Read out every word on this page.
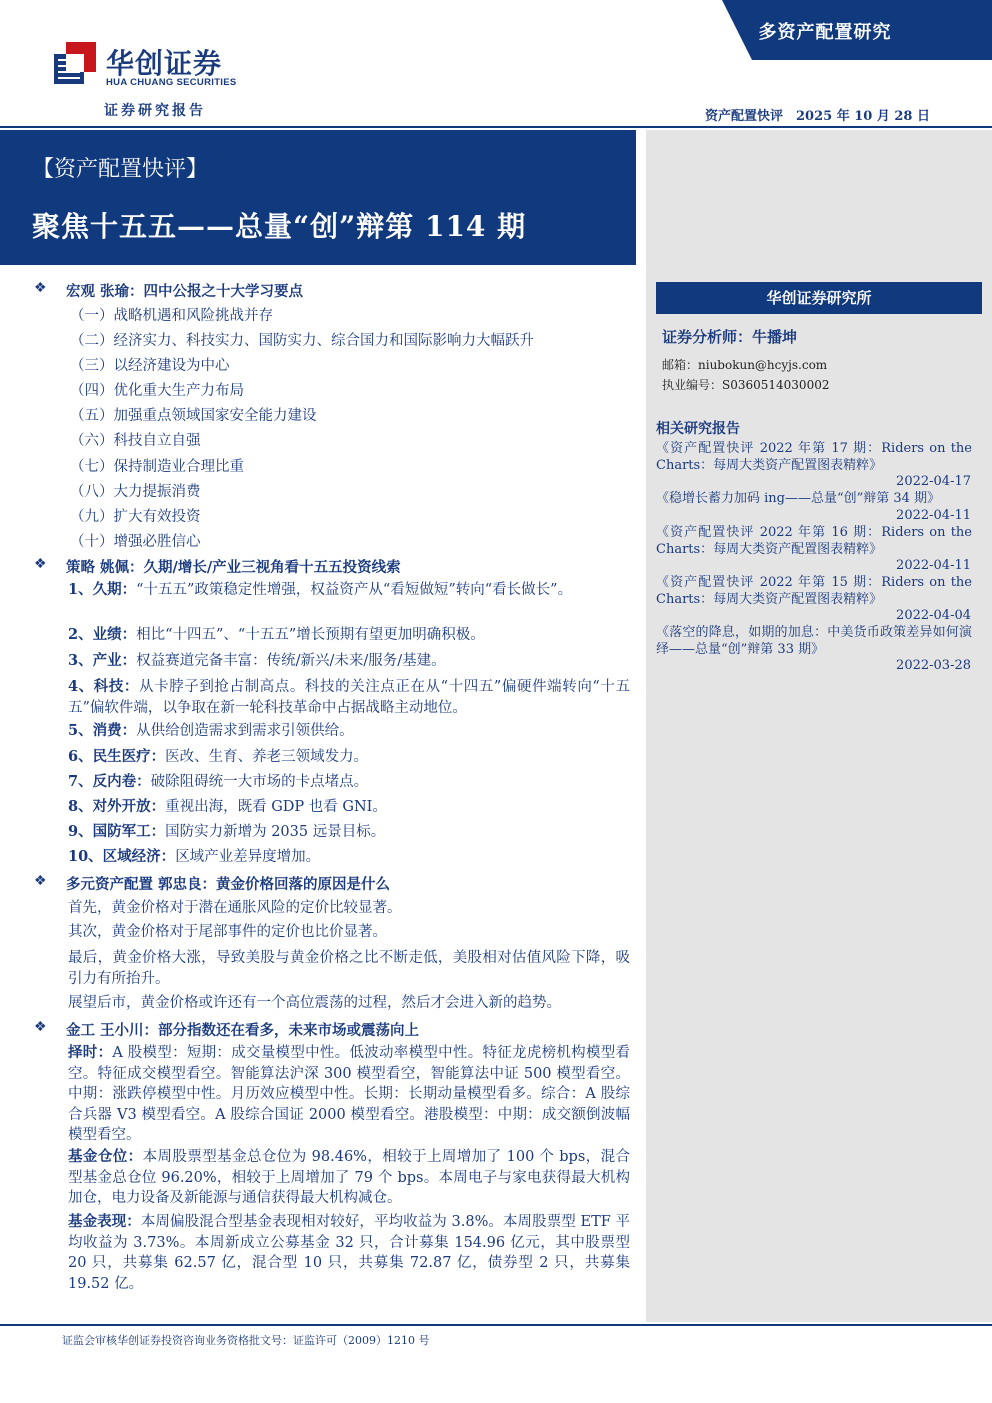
华创证券
HUA CHUANG SECURITIES
证券研究报告
多资产配置研究
资产配置快评　2025 年 10 月 28 日
【资产配置快评】
聚焦十五五——总量“创”辩第 114 期
华创证券研究所
证券分析师：牛播坤
邮箱：niubokun@hcyjs.com
执业编号：S0360514030002
相关研究报告
《资产配置快评 2022 年第 17 期：Riders on the Charts：每周大类资产配置图表精粹》
2022-04-17
《稳增长蓄力加码 ing——总量“创”辩第 34 期》
2022-04-11
《资产配置快评 2022 年第 16 期：Riders on the Charts：每周大类资产配置图表精粹》
2022-04-11
《资产配置快评 2022 年第 15 期：Riders on the Charts：每周大类资产配置图表精粹》
2022-04-04
《落空的降息，如期的加息：中美货币政策差异如何演绎——总量“创”辩第 33 期》
2022-03-28
❖ 宏观 张瑜：四中公报之十大学习要点
（一）战略机遇和风险挑战并存
（二）经济实力、科技实力、国防实力、综合国力和国际影响力大幅跃升
（三）以经济建设为中心
（四）优化重大生产力布局
（五）加强重点领域国家安全能力建设
（六）科技自立自强
（七）保持制造业合理比重
（八）大力提振消费
（九）扩大有效投资
（十）增强必胜信心
❖ 策略 姚佩：久期/增长/产业三视角看十五五投资线索
1、久期：“十五五”政策稳定性增强，权益资产从“看短做短”转向“看长做长”。
2、业绩：相比“十四五”、“十五五”增长预期有望更加明确积极。
3、产业：权益赛道完备丰富：传统/新兴/未来/服务/基建。
4、科技：从卡脖子到抢占制高点。科技的关注点正在从“十四五”偏硬件端转向“十五五”偏软件端，以争取在新一轮科技革命中占据战略主动地位。
5、消费：从供给创造需求到需求引领供给。
6、民生医疗：医改、生育、养老三领域发力。
7、反内卷：破除阻碍统一大市场的卡点堵点。
8、对外开放：重视出海，既看 GDP 也看 GNI。
9、国防军工：国防实力新增为 2035 远景目标。
10、区域经济：区域产业差异度增加。
❖ 多元资产配置 郭忠良：黄金价格回落的原因是什么
首先，黄金价格对于潜在通胀风险的定价比较显著。
其次，黄金价格对于尾部事件的定价也比价显著。
最后，黄金价格大涨，导致美股与黄金价格之比不断走低，美股相对估值风险下降，吸引力有所抬升。
展望后市，黄金价格或许还有一个高位震荡的过程，然后才会进入新的趋势。
❖ 金工 王小川：部分指数还在看多，未来市场或震荡向上
择时：A 股模型：短期：成交量模型中性。低波动率模型中性。特征龙虎榜机构模型看空。特征成交模型看空。智能算法沪深 300 模型看空，智能算法中证 500 模型看空。中期：涨跌停模型中性。月历效应模型中性。长期：长期动量模型看多。综合：A 股综合兵器 V3 模型看空。A 股综合国证 2000 模型看空。港股模型：中期：成交额倒波幅模型看空。
基金仓位：本周股票型基金总仓位为 98.46%，相较于上周增加了 100 个 bps，混合型基金总仓位 96.20%，相较于上周增加了 79 个 bps。本周电子与家电获得最大机构加仓，电力设备及新能源与通信获得最大机构减仓。
基金表现：本周偏股混合型基金表现相对较好，平均收益为 3.8%。本周股票型 ETF 平均收益为 3.73%。本周新成立公募基金 32 只，合计募集 154.96 亿元，其中股票型 20 只，共募集 62.57 亿，混合型 10 只，共募集 72.87 亿，债券型 2 只，共募集 19.52 亿。
证监会审核华创证券投资咨询业务资格批文号：证监许可（2009）1210 号
